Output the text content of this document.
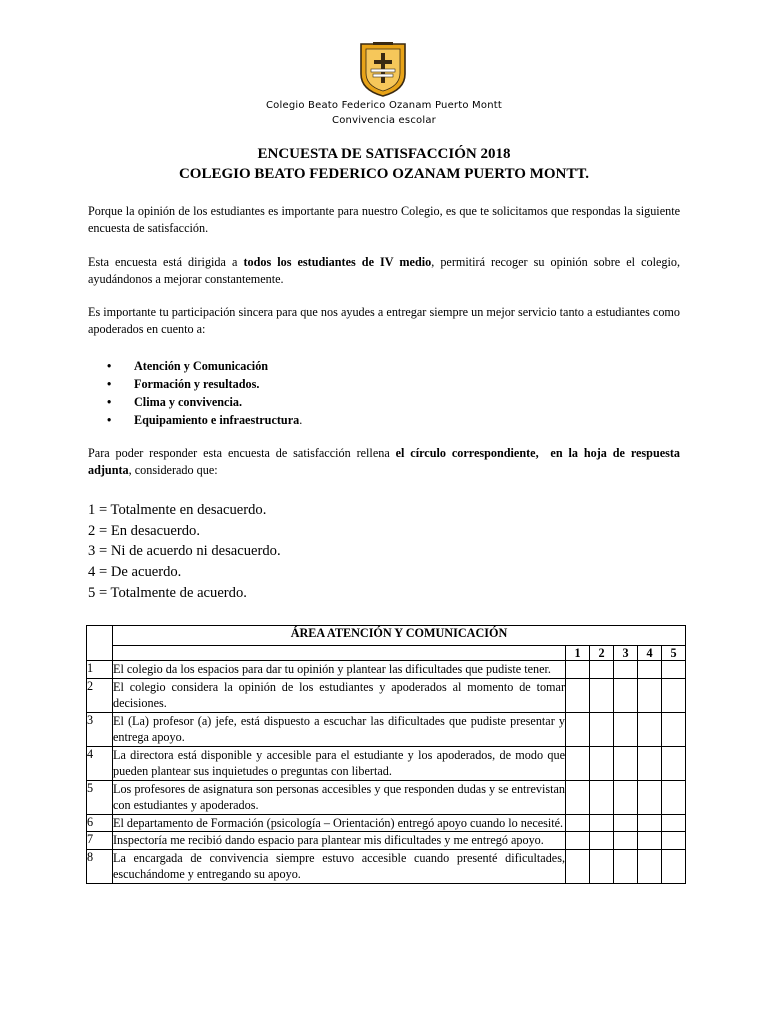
Colegio Beato Federico Ozanam Puerto Montt
Convivencia escolar
ENCUESTA DE SATISFACCIÓN 2018
COLEGIO BEATO FEDERICO OZANAM PUERTO MONTT.
Porque la opinión de los estudiantes es importante para nuestro Colegio, es que te solicitamos que respondas la siguiente encuesta de satisfacción.
Esta encuesta está dirigida a todos los estudiantes de IV medio, permitirá recoger su opinión sobre el colegio, ayudándonos a mejorar constantemente.
Es importante tu participación sincera para que nos ayudes a entregar siempre un mejor servicio tanto a estudiantes como apoderados en cuento a:
• Atención y Comunicación
• Formación y resultados.
• Clima y convivencia.
• Equipamiento e infraestructura.
Para poder responder esta encuesta de satisfacción rellena el círculo correspondiente, en la hoja de respuesta adjunta, considerado que:
1 = Totalmente en desacuerdo.
2 = En desacuerdo.
3 = Ni de acuerdo ni desacuerdo.
4 = De acuerdo.
5 = Totalmente de acuerdo.
	ÁREA ATENCIÓN Y COMUNICACIÓN					
		1	2	3	4	5
1	El colegio da los espacios para dar tu opinión y plantear las dificultades que pudiste tener.					
2	El colegio considera la opinión de los estudiantes y apoderados al momento de tomar decisiones.					
3	El (La) profesor (a) jefe, está dispuesto a escuchar las dificultades que pudiste presentar y entrega apoyo.					
4	La directora está disponible y accesible para el estudiante y los apoderados, de modo que pueden plantear sus inquietudes o preguntas con libertad.					
5	Los profesores de asignatura son personas accesibles y que responden dudas y se entrevistan con estudiantes y apoderados.					
6	El departamento de Formación (psicología – Orientación) entregó apoyo cuando lo necesité.					
7	Inspectoría me recibió dando espacio para plantear mis dificultades y me entregó apoyo.					
8	La encargada de convivencia siempre estuvo accesible cuando presenté dificultades, escuchándome y entregando su apoyo.					
